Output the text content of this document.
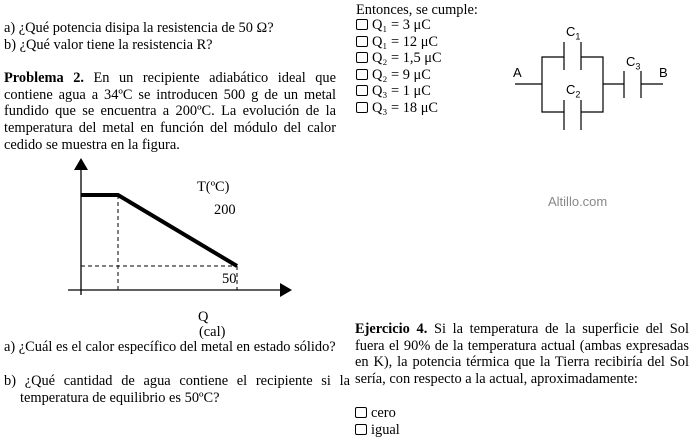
a) ¿Qué potencia disipa la resistencia de 50 Ω?
b) ¿Qué valor tiene la resistencia R?
Problema 2. En un recipiente adiabático ideal que contiene agua a 34ºC se introducen 500 g de un metal fundido que se encuentra a 200ºC. La evolución de la temperatura del metal en función del módulo del calor cedido se muestra en la figura.
T(ºC)
200
50
Q
(cal)
a) ¿Cuál es el calor específico del metal en estado sólido?
b) ¿Qué cantidad de agua contiene el recipiente si la temperatura de equilibrio es 50ºC?
Entonces, se cumple:
Q₁ = 3 μC
Q₁ = 12 μC
Q₂ = 1,5 μC
Q₂ = 9 μC
Q₃ = 1 μC
Q₃ = 18 μC
A	B
$C_1$
$C_2$
$C_3$
Altillo.com
Ejercicio 4. Si la temperatura de la superficie del Sol fuera el 90% de la temperatura actual (ambas expresadas en K), la potencia térmica que la Tierra recibiría del Sol sería, con respecto a la actual, aproximadamente:
cero
igual
